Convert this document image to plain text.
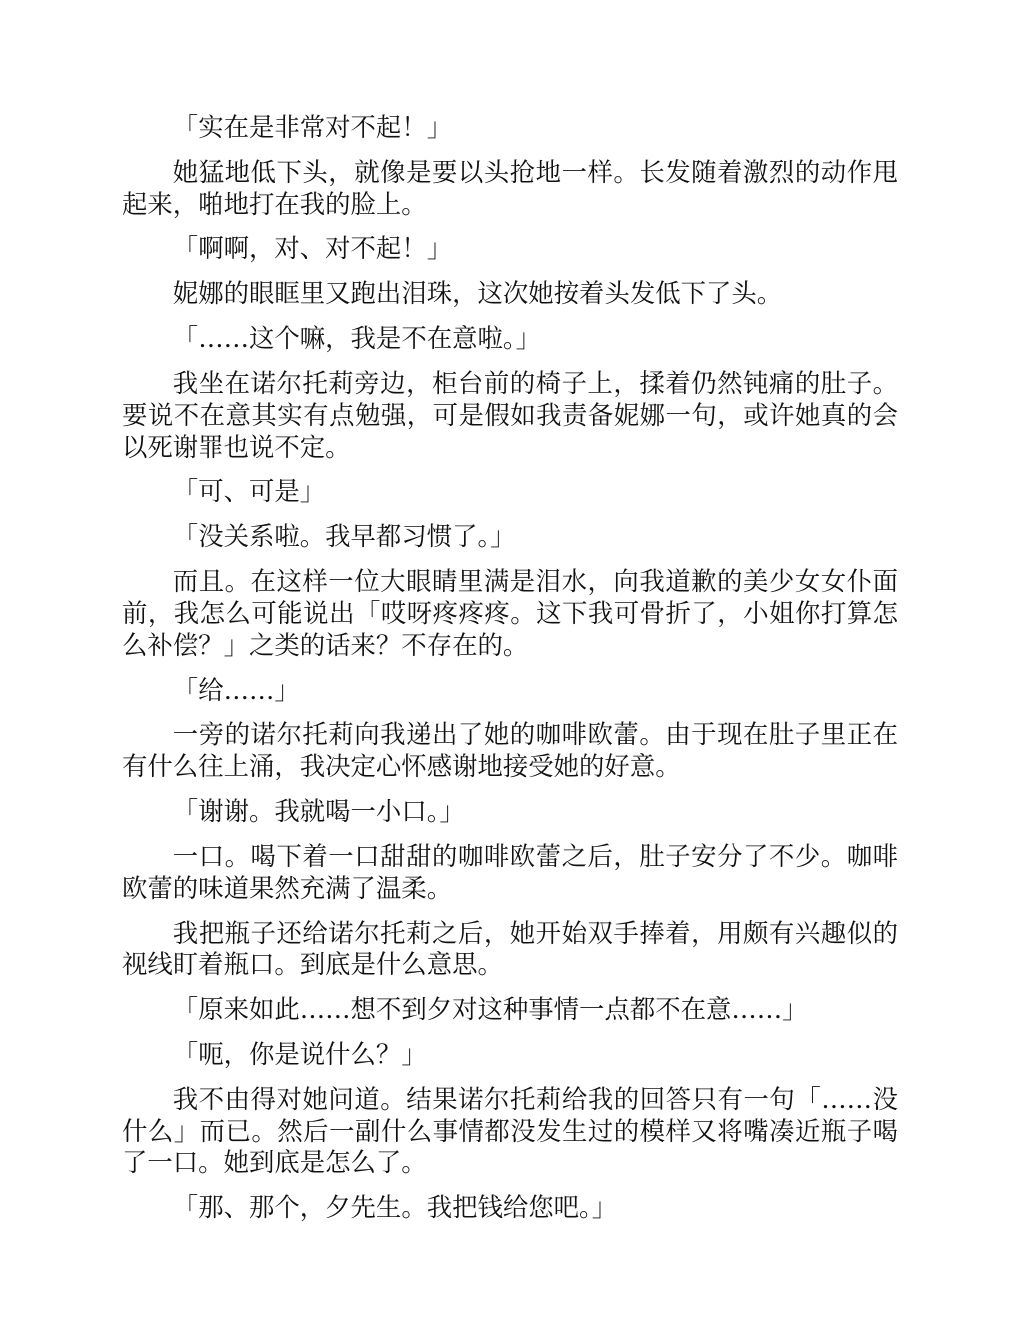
「实在是非常对不起！」

她猛地低下头，就像是要以头抢地一样。长发随着激烈的动作甩起来，啪地打在我的脸上。

「啊啊，对、对不起！」

妮娜的眼眶里又跑出泪珠，这次她按着头发低下了头。

「……这个嘛，我是不在意啦。」

我坐在诺尔托莉旁边，柜台前的椅子上，揉着仍然钝痛的肚子。要说不在意其实有点勉强，可是假如我责备妮娜一句，或许她真的会以死谢罪也说不定。

「可、可是」

「没关系啦。我早都习惯了。」

而且。在这样一位大眼睛里满是泪水，向我道歉的美少女女仆面前，我怎么可能说出「哎呀疼疼疼。这下我可骨折了，小姐你打算怎么补偿？」之类的话来？不存在的。

「给……」

一旁的诺尔托莉向我递出了她的咖啡欧蕾。由于现在肚子里正在有什么往上涌，我决定心怀感谢地接受她的好意。

「谢谢。我就喝一小口。」

一口。喝下着一口甜甜的咖啡欧蕾之后，肚子安分了不少。咖啡欧蕾的味道果然充满了温柔。

我把瓶子还给诺尔托莉之后，她开始双手捧着，用颇有兴趣似的视线盯着瓶口。到底是什么意思。

「原来如此……想不到夕对这种事情一点都不在意……」

「呃，你是说什么？」

我不由得对她问道。结果诺尔托莉给我的回答只有一句「……没什么」而已。然后一副什么事情都没发生过的模样又将嘴凑近瓶子喝了一口。她到底是怎么了。

「那、那个，夕先生。我把钱给您吧。」
